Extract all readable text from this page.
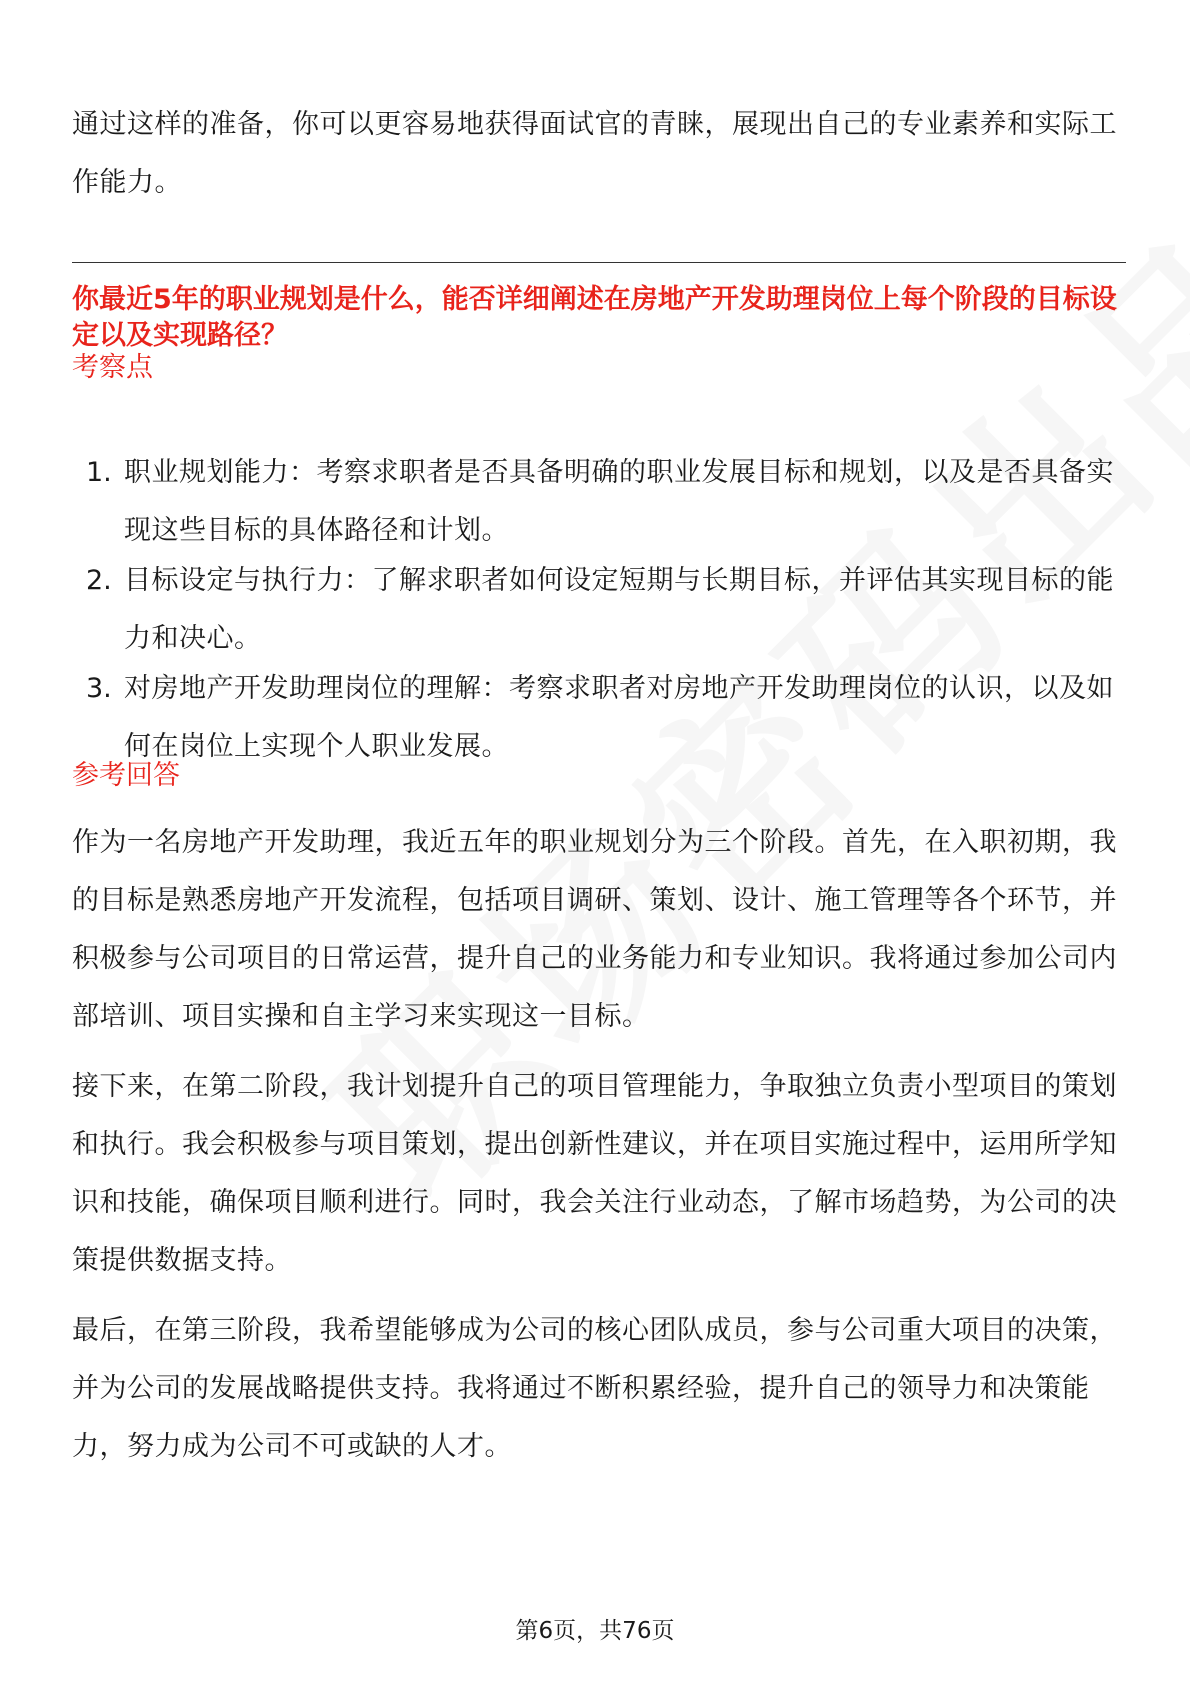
通过这样的准备，你可以更容易地获得面试官的青睐，展现出自己的专业素养和实际工作能力。

你最近5年的职业规划是什么，能否详细阐述在房地产开发助理岗位上每个阶段的目标设定以及实现路径？
考察点
1. 职业规划能力：考察求职者是否具备明确的职业发展目标和规划，以及是否具备实现这些目标的具体路径和计划。
2. 目标设定与执行力：了解求职者如何设定短期与长期目标，并评估其实现目标的能力和决心。
3. 对房地产开发助理岗位的理解：考察求职者对房地产开发助理岗位的认识，以及如何在岗位上实现个人职业发展。
参考回答

作为一名房地产开发助理，我近五年的职业规划分为三个阶段。首先，在入职初期，我的目标是熟悉房地产开发流程，包括项目调研、策划、设计、施工管理等各个环节，并积极参与公司项目的日常运营，提升自己的业务能力和专业知识。我将通过参加公司内部培训、项目实操和自主学习来实现这一目标。

接下来，在第二阶段，我计划提升自己的项目管理能力，争取独立负责小型项目的策划和执行。我会积极参与项目策划，提出创新性建议，并在项目实施过程中，运用所学知识和技能，确保项目顺利进行。同时，我会关注行业动态，了解市场趋势，为公司的决策提供数据支持。

最后，在第三阶段，我希望能够成为公司的核心团队成员，参与公司重大项目的决策，并为公司的发展战略提供支持。我将通过不断积累经验，提升自己的领导力和决策能力，努力成为公司不可或缺的人才。

第6页，共76页
